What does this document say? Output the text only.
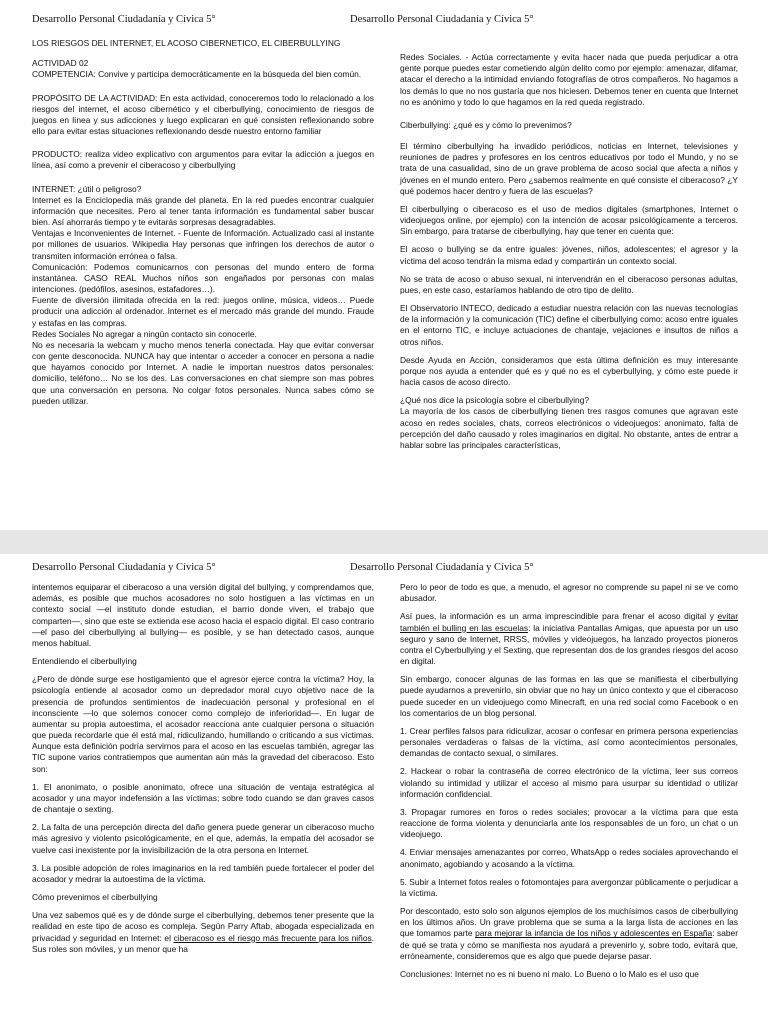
Desarrollo Personal Ciudadanía y Cívica 5°	Desarrollo Personal Ciudadanía y Cívica 5°

LOS RIESGOS DEL INTERNET, EL ACOSO CIBERNETICO, EL CIBERBULLYING

ACTIVIDAD 02

COMPETENCIA: Convive y participa democráticamente en la búsqueda del bien común.

PROPÓSITO DE LA ACTIVIDAD: En esta actividad, conoceremos todo lo relacionado a los riesgos del internet, el acoso cibernético y el ciberbullying, conocimiento de riesgos de juegos en línea y sus adicciones y luego explicaran en qué consisten reflexionando sobre ello para evitar estas situaciones reflexionando desde nuestro entorno familiar

PRODUCTO: realiza video explicativo con argumentos para evitar la adicción a juegos en línea, así como a prevenir el ciberacoso y ciberbullying

INTERNET: ¿útil o peligroso?

Internet es la Enciclopedia más grande del planeta. En la red puedes encontrar cualquier información que necesites. Pero al tener tanta información es fundamental saber buscar bien. Así ahorrarás tiempo y te evitarás sorpresas desagradables.

Ventajas e Inconvenientes de Internet. - Fuente de Información. Actualizado casi al instante por millones de usuarios. Wikipedia Hay personas que infringen los derechos de autor o transmiten información errónea o falsa.

Comunicación: Podemos comunicarnos con personas del mundo entero de forma instantánea. CASO REAL Muchos niños son engañados por personas con malas intenciones. (pedófilos, asesinos, estafadores…).

Fuente de diversión ilimitada ofrecida en la red: juegos online, música, videos… Puede producir una adicción al ordenador. Internet es el mercado más grande del mundo. Fraude y estafas en las compras.

Redes Sociales No agregar a ningún contacto sin conocerle.

No es necesaria la webcam y mucho menos tenerla conectada. Hay que evitar conversar con gente desconocida. NUNCA hay que intentar o acceder a conocer en persona a nadie que hayamos conocido por Internet. A nadie le importan nuestros datos personales: domicilio, teléfono… No se los des. Las conversaciones en chat siempre son mas pobres que una conversación en persona. No colgar fotos personales. Nunca sabes cómo se pueden utilizar.

Redes Sociales. - Actúa correctamente y evita hacer nada que pueda perjudicar a otra gente porque puedes estar cometiendo algún delito como por ejemplo: amenazar, difamar, atacar el derecho a la intimidad enviando fotografías de otros compañeros. No hagamos a los demás lo que no nos gustaría que nos hiciesen. Debemos tener en cuenta que Internet no es anónimo y todo lo que hagamos en la red queda registrado.

Ciberbullying: ¿qué es y cómo lo prevenimos?

El término ciberbullying ha invadido periódicos, noticias en Internet, televisiones y reuniones de padres y profesores en los centros educativos por todo el Mundo, y no se trata de una casualidad, sino de un grave problema de acoso social que afecta a niños y jóvenes en el mundo entero. Pero ¿sabemos realmente en qué consiste el ciberacoso? ¿Y qué podemos hacer dentro y fuera de las escuelas?

El ciberbullying o ciberacoso es el uso de medios digitales (smartphones, Internet o videojuegos online, por ejemplo) con la intención de acosar psicológicamente a terceros. Sin embargo, para tratarse de ciberbullying, hay que tener en cuenta que:

El acoso o bullying se da entre iguales: jóvenes, niños, adolescentes; el agresor y la víctima del acoso tendrán la misma edad y compartirán un contexto social.

No se trata de acoso o abuso sexual, ni intervendrán en el ciberacoso personas adultas, pues, en este caso, estaríamos hablando de otro tipo de delito.

El Observatorio INTECO, dedicado a estudiar nuestra relación con las nuevas tecnologías de la información y la comunicación (TIC) define el ciberbullying como: acoso entre iguales en el entorno TIC, e incluye actuaciones de chantaje, vejaciones e insultos de niños a otros niños.

Desde Ayuda en Acción, consideramos que esta última definición es muy interesante porque nos ayuda a entender qué es y qué no es el cyberbullying, y cómo este puede ir hacia casos de acoso directo.

¿Qué nos dice la psicología sobre el ciberbullying?

La mayoría de los casos de ciberbullying tienen tres rasgos comunes que agravan este acoso en redes sociales, chats, correos electrónicos o videojuegos: anonimato, falta de percepción del daño causado y roles imaginarios en digital. No obstante, antes de entrar a hablar sobre las principales características,

Desarrollo Personal Ciudadanía y Cívica 5°	Desarrollo Personal Ciudadanía y Cívica 5°

intentemos equiparar el ciberacoso a una versión digital del bullying, y comprendamos que, además, es posible que muchos acosadores no solo hostiguen a las víctimas en un contexto social —el instituto donde estudian, el barrio donde viven, el trabajo que comparten—, sino que este se extienda ese acoso hacia el espacio digital. El caso contrario —el paso del ciberbullying al bullying— es posible, y se han detectado casos, aunque menos habitual.

Entendiendo el ciberbullying

¿Pero de dónde surge ese hostigamiento que el agresor ejerce contra la víctima? Hoy, la psicología entiende al acosador como un depredador moral cuyo objetivo nace de la presencia de profundos sentimientos de inadecuación personal y profesional en el inconsciente —lo que solemos conocer como complejo de inferioridad—. En lugar de aumentar su propia autoestima, el acosador reacciona ante cualquier persona o situación que pueda recordarle que él está mal, ridiculizando, humillando o criticando a sus víctimas. Aunque esta definición podría servirnos para el acoso en las escuelas también, agregar las TIC supone varios contratiempos que aumentan aún más la gravedad del ciberacoso. Esto son:

1. El anonimato, o posible anonimato, ofrece una situación de ventaja estratégica al acosador y una mayor indefensión a las víctimas; sobre todo cuando se dan graves casos de chantaje o sexting.

2. La falta de una percepción directa del daño genera puede generar un ciberacoso mucho más agresivo y violento psicológicamente, en el que, además, la empatía del acosador se vuelve casi inexistente por la invisibilización de la otra persona en Internet.

3. La posible adopción de roles imaginarios en la red también puede fortalecer el poder del acosador y medrar la autoestima de la víctima.

Cómo prevenimos el ciberbullying

Una vez sabemos qué es y de dónde surge el ciberbullying, debemos tener presente que la realidad en este tipo de acoso es compleja. Según Parry Aftab, abogada especializada en privacidad y seguridad en Internet: el ciberacoso es el riesgo más frecuente para los niños. Sus roles son móviles, y un menor que ha

Pero lo peor de todo es que, a menudo, el agresor no comprende su papel ni se ve como abusador.

Así pues, la información es un arma imprescindible para frenar el acoso digital y evitar también el bulling en las escuelas: la iniciativa Pantallas Amigas, que apuesta por un uso seguro y sano de Internet, RRSS, móviles y videojuegos, ha lanzado proyectos pioneros contra el Cyberbullying y el Sexting, que representan dos de los grandes riesgos del acoso en digital.

Sin embargo, conocer algunas de las formas en las que se manifiesta el ciberbullying puede ayudarnos a prevenirlo, sin obviar que no hay un único contexto y que el ciberacoso puede suceder en un videojuego como Minecraft, en una red social como Facebook o en los comentarios de un blog personal.

1. Crear perfiles falsos para ridiculizar, acosar o confesar en primera persona experiencias personales verdaderas o falsas de la víctima, así como acontecimientos personales, demandas de contacto sexual, o similares.

2. Hackear o robar la contraseña de correo electrónico de la víctima, leer sus correos violando su intimidad y utilizar el acceso al mismo para usurpar su identidad o utilizar información confidencial.

3. Propagar rumores en foros o redes sociales; provocar a la víctima para que esta reaccione de forma violenta y denunciarla ante los responsables de un foro, un chat o un videojuego.

4. Enviar mensajes amenazantes por correo, WhatsApp o redes sociales aprovechando el anonimato, agobiando y acosando a la víctima.

5. Subir a Internet fotos reales o fotomontajes para avergonzar públicamente o perjudicar a la víctima.

Por descontado, esto solo son algunos ejemplos de los muchísimos casos de ciberbullying en los últimos años. Un grave problema que se suma a la larga lista de acciones en las que tomamos parte para mejorar la infancia de los niños y adolescentes en España: saber de qué se trata y cómo se manifiesta nos ayudará a prevenirlo y, sobre todo, evitará que, erróneamente, consideremos que es algo que puede dejarse pasar.

Conclusiones: Internet no es ni bueno ni malo. Lo Bueno o lo Malo es el uso que
